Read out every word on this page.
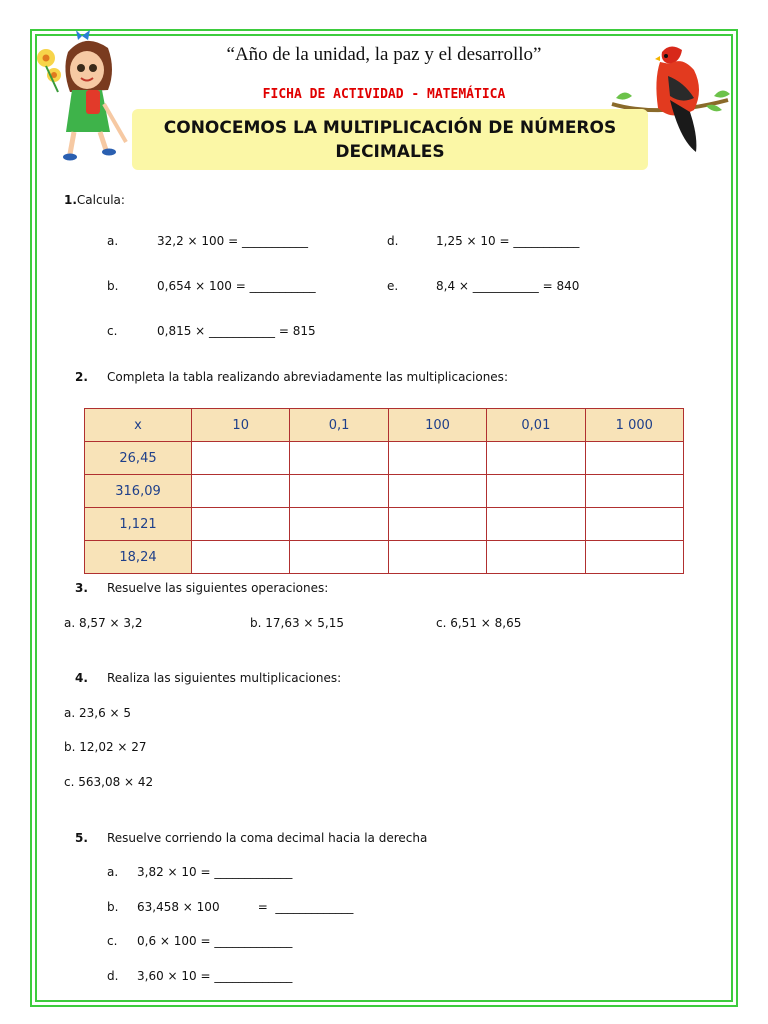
“Año de la unidad, la paz y el desarrollo”
FICHA DE ACTIVIDAD - MATEMÁTICA
CONOCEMOS LA MULTIPLICACIÓN DE NÚMEROS DECIMALES
1.Calcula:
a.	32,2 × 100 = ___________	d.	1,25 × 10 = ___________
b.	0,654 × 100 = ___________	e.	8,4 × ___________ = 840
c.	0,815 × ___________ = 815
2. Completa la tabla realizando abreviadamente las multiplicaciones:
x	10	0,1	100	0,01	1 000
26,45					
316,09					
1,121					
18,24					
3. Resuelve las siguientes operaciones:
a. 8,57 × 3,2	b. 17,63 × 5,15	c. 6,51 × 8,65
4. Realiza las siguientes multiplicaciones:
a. 23,6 × 5
b. 12,02 × 27
c. 563,08 × 42
5. Resuelve corriendo la coma decimal hacia la derecha
a. 3,82 × 10 = _____________
b. 63,458 × 100          =  _____________
c. 0,6 × 100 = _____________
d. 3,60 × 10 = _____________
